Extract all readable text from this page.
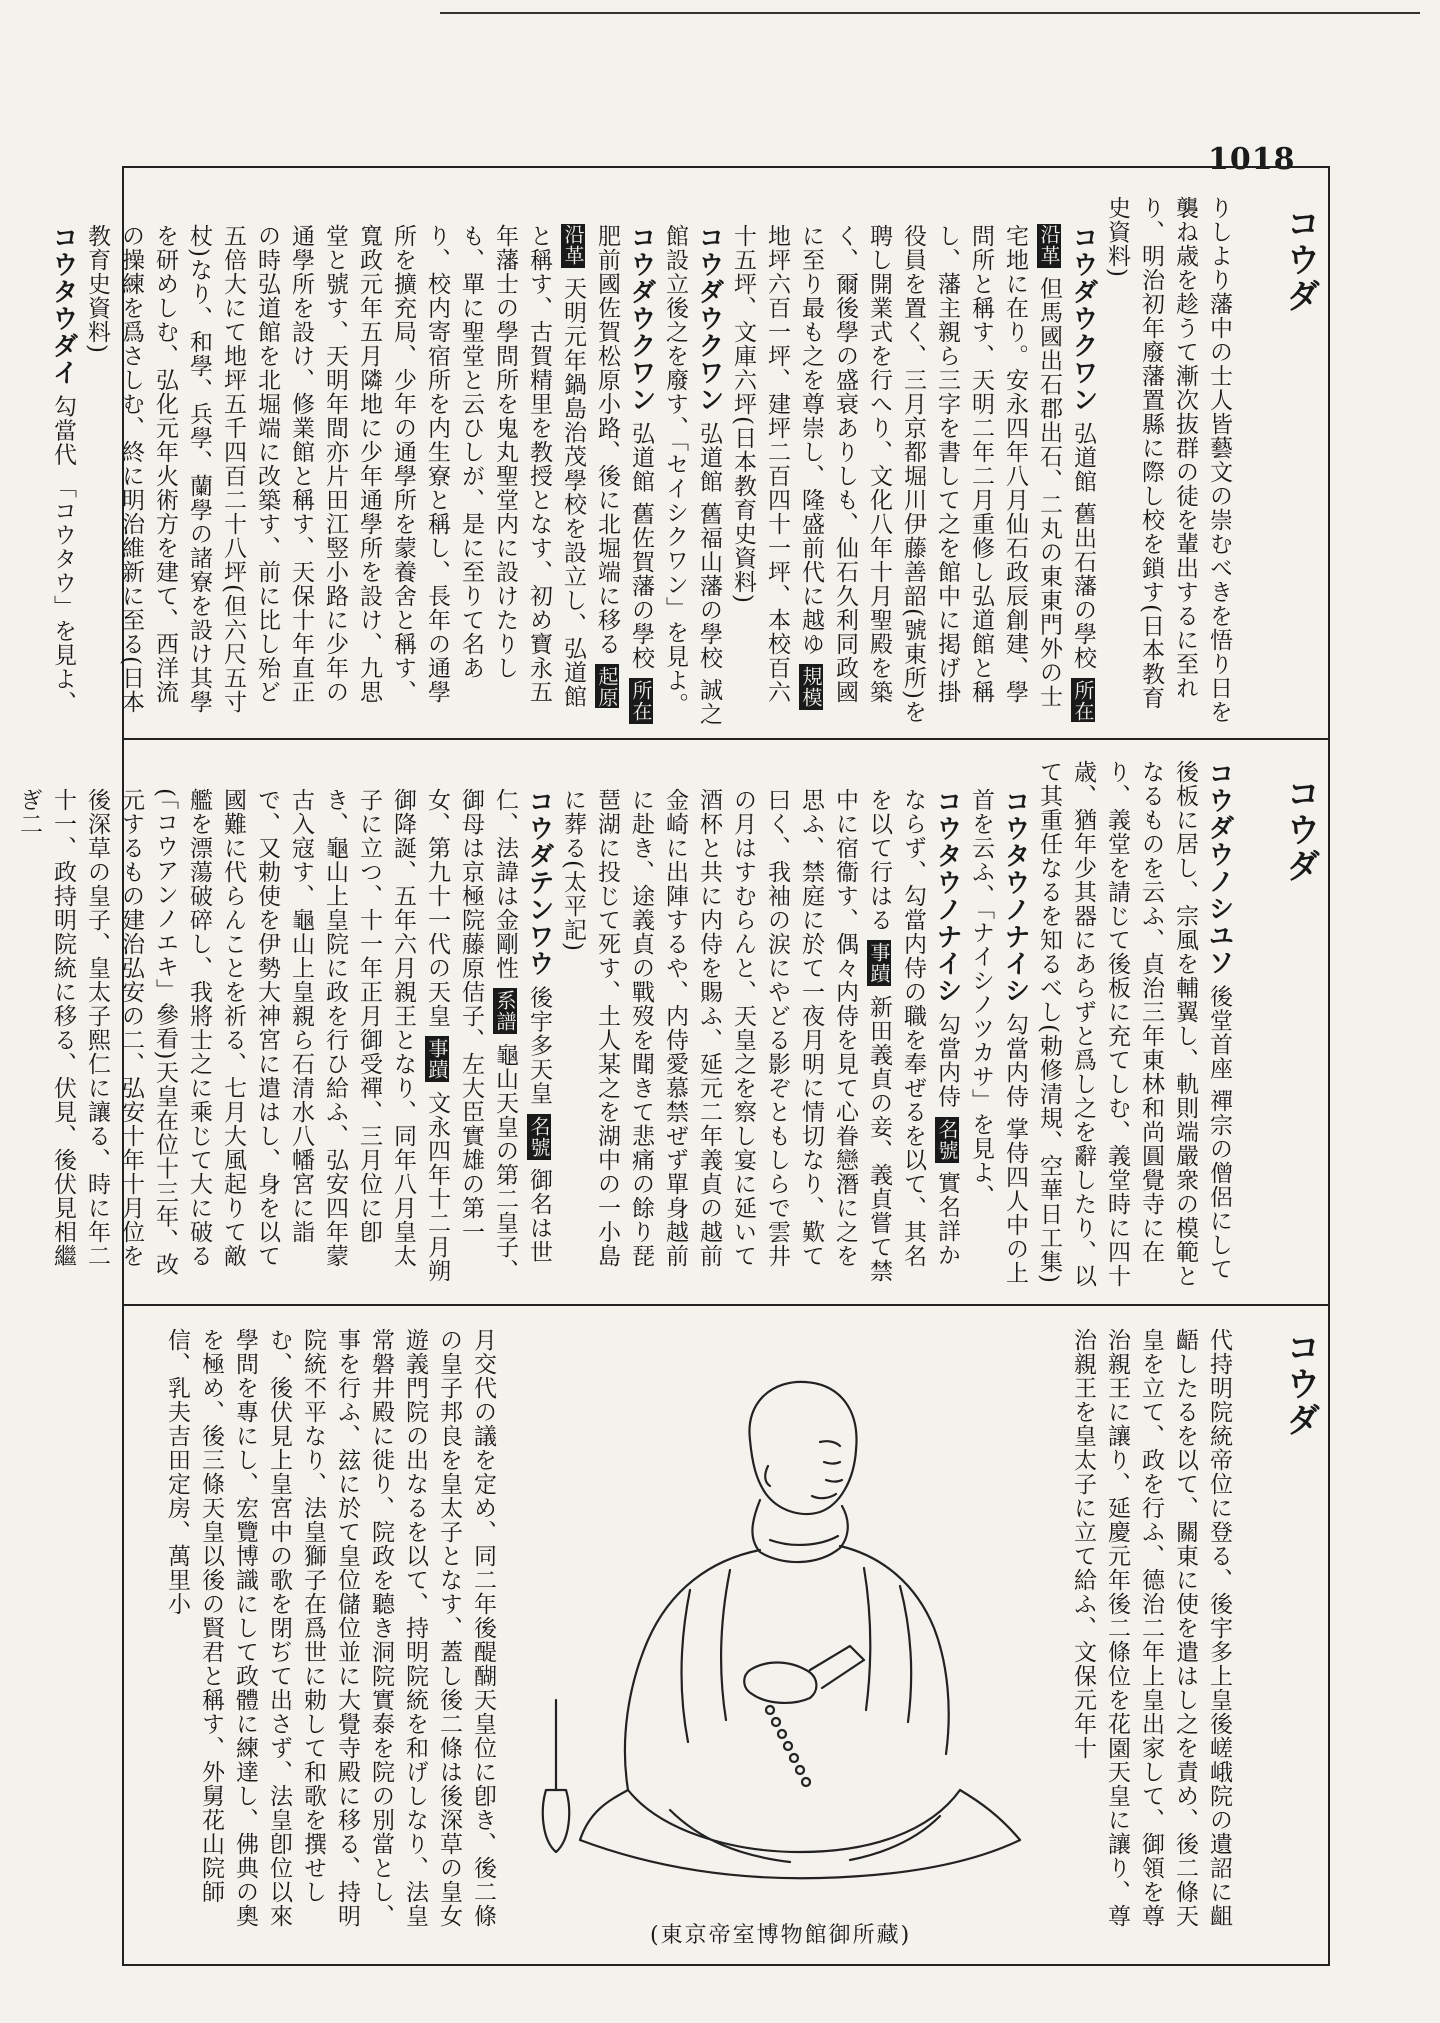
1018
コウダ
コウダ
コウダ

りしより藩中の士人皆藝文の崇むべきを悟り日を襲ね歳を趁うて漸次抜群の徒を輩出するに至れり、明治初年廢藩置縣に際し校を鎖す(日本教育史資料)

コウダウクワン 弘道館 舊出石藩の學校 所在沿革 但馬國出石郡出石、二丸の東東門外の士宅地に在り。安永四年八月仙石政辰創建、學問所と稱す、天明二年二月重修し弘道館と稱し、藩主親ら三字を書して之を館中に掲げ掛役員を置く、三月京都堀川伊藤善韶(號東所)を聘し開業式を行へり、文化八年十月聖殿を築く、爾後學の盛衰ありしも、仙石久利同政國に至り最も之を尊崇し、隆盛前代に越ゆ 規模 地坪六百一坪、建坪二百四十一坪、本校百六十五坪、文庫六坪(日本教育史資料)

コウダウクワン 弘道館 舊福山藩の學校 誠之館設立後之を廢す、「セイシクワン」を見よ。

コウダウクワン 弘道館 舊佐賀藩の學校 所在 肥前國佐賀松原小路、後に北堀端に移る 起原沿革 天明元年鍋島治茂學校を設立し、弘道館と稱す、古賀精里を教授となす、初め寶永五年藩士の學問所を鬼丸聖堂内に設けたりしも、單に聖堂と云ひしが、是に至りて名あり、校内寄宿所を内生寮と稱し、長年の通學所を擴充局、少年の通學所を蒙養舍と稱す、寬政元年五月隣地に少年通學所を設け、九思堂と號す、天明年間亦片田江竪小路に少年の通學所を設け、修業館と稱す、天保十年直正の時弘道館を北堀端に改築す、前に比し殆ど五倍大にて地坪五千四百二十八坪(但六尺五寸杖)なり、和學、兵學、蘭學の諸寮を設け其學を研めしむ、弘化元年火術方を建て、西洋流の操練を爲さしむ、終に明治維新に至る(日本教育史資料)

コウタウダイ 勾當代 「コウタウ」を見よ、

コウダウノシユソ 後堂首座 禪宗の僧侶にして後板に居し、宗風を輔翼し、軌則端嚴衆の模範となるものを云ふ、貞治三年東林和尚圓覺寺に在り、義堂を請じて後板に充てしむ、義堂時に四十歳、猶年少其器にあらずと爲し之を辭したり、以て其重任なるを知るべし(勅修清規、空華日工集)

コウタウノナイシ 勾當内侍 掌侍四人中の上首を云ふ、「ナイシノツカサ」を見よ、

コウタウノナイシ 勾當内侍 名號 實名詳かならず、勾當内侍の職を奉ぜるを以て、其名を以て行はる 事蹟 新田義貞の妾、義貞嘗て禁中に宿衞す、偶々内侍を見て心眷戀潛に之を思ふ、禁庭に於て一夜月明に情切なり、歎て曰く、我袖の涙にやどる影ぞともしらで雲井の月はすむらんと、天皇之を察し宴に延いて酒杯と共に内侍を賜ふ、延元二年義貞の越前金崎に出陣するや、内侍愛慕禁ぜず單身越前に赴き、途義貞の戰歿を聞きて悲痛の餘り琵琶湖に投じて死す、土人某之を湖中の一小島に葬る(太平記)

コウダテンワウ 後宇多天皇 名號 御名は世仁、法諱は金剛性 系譜 龜山天皇の第二皇子、御母は京極院藤原佶子、左大臣實雄の第一女、第九十一代の天皇 事蹟 文永四年十二月朔御降誕、五年六月親王となり、同年八月皇太子に立つ、十一年正月御受禪、三月位に卽き、龜山上皇院に政を行ひ給ふ、弘安四年蒙古入寇す、龜山上皇親ら石清水八幡宮に詣で、又勅使を伊勢大神宮に遣はし、身を以て國難に代らんことを祈る、七月大風起りて敵艦を漂蕩破碎し、我將士之に乘じて大に破る(「コウアンノエキ」參看)天皇在位十三年、改元するもの建治弘安の二、弘安十年十月位を後深草の皇子、皇太子熙仁に讓る、時に年二十一、政持明院統に移る、伏見、後伏見相繼ぎ二

代持明院統帝位に登る、後宇多上皇後嵯峨院の遺詔に齟齬したるを以て、關東に使を遣はし之を責め、後二條天皇を立て、政を行ふ、德治二年上皇出家して、御領を尊治親王に讓り、延慶元年後二條位を花園天皇に讓り、尊治親王を皇太子に立て給ふ、文保元年十

月交代の議を定め、同二年後醍醐天皇位に卽き、後二條の皇子邦良を皇太子となす、蓋し後二條は後深草の皇女遊義門院の出なるを以て、持明院統を和げしなり、法皇常磐井殿に徙り、院政を聽き洞院實泰を院の別當とし、事を行ふ、玆に於て皇位儲位並に大覺寺殿に移る、持明院統不平なり、法皇獅子在爲世に勅して和歌を撰せしむ、後伏見上皇宮中の歌を閉ぢて出さず、法皇卽位以來學問を專にし、宏覽博識にして政體に練達し、佛典の奧を極め、後三條天皇以後の賢君と稱す、外舅花山院師信、乳夫吉田定房、萬里小

(東京帝室博物館御所藏)
